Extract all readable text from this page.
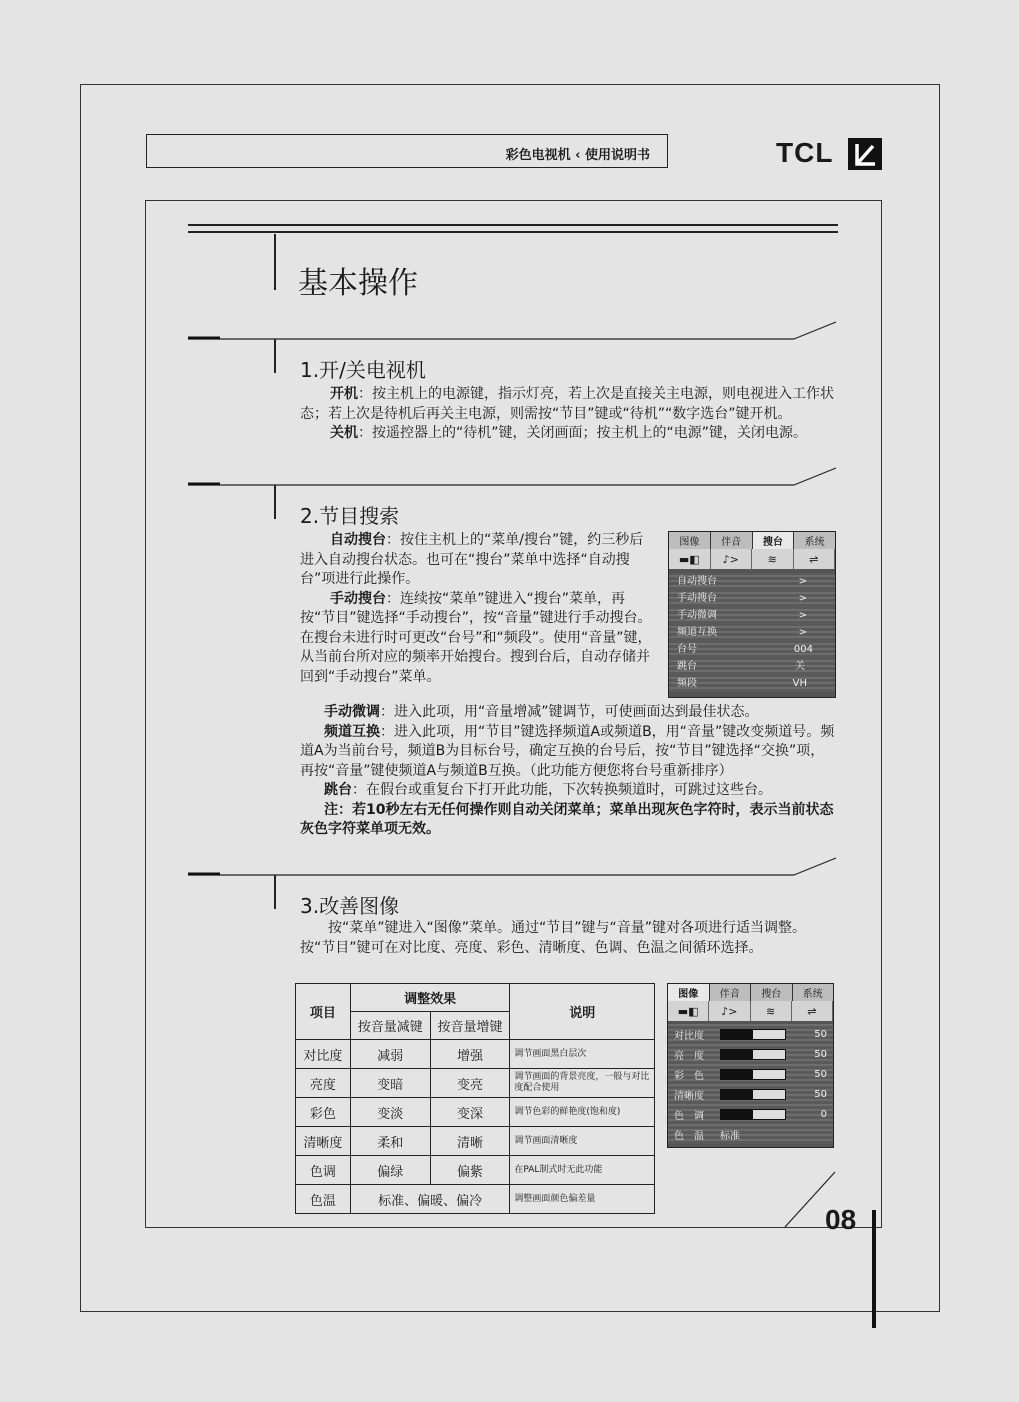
彩色电视机 ‹ 使用说明书	TCL
基本操作
1.开/关电视机
开机：按主机上的电源键，指示灯亮，若上次是直接关主电源，则电视进入工作状态；若上次是待机后再关主电源，则需按“节目”键或“待机”“数字选台”键开机。
关机：按遥控器上的“待机”键，关闭画面；按主机上的“电源”键，关闭电源。
2.节目搜索
自动搜台：按住主机上的“菜单/搜台”键，约三秒后进入自动搜台状态。也可在“搜台”菜单中选择“自动搜台”项进行此操作。
手动搜台：连续按“菜单”键进入“搜台”菜单，再按“节目”键选择“手动搜台”，按“音量”键进行手动搜台。在搜台未进行时可更改“台号”和“频段”。使用“音量”键，从当前台所对应的频率开始搜台。搜到台后，自动存储并回到“手动搜台”菜单。
手动微调：进入此项，用“音量增减”键调节，可使画面达到最佳状态。
频道互换：进入此项，用“节目”键选择频道A或频道B，用“音量”键改变频道号。频道A为当前台号，频道B为目标台号，确定互换的台号后，按“节目”键选择“交换”项，再按“音量”键使频道A与频道B互换。（此功能方便您将台号重新排序）
跳台：在假台或重复台下打开此功能，下次转换频道时，可跳过这些台。
注：若10秒左右无任何操作则自动关闭菜单；菜单出现灰色字符时，表示当前状态灰色字符菜单项无效。
图像	伴音	搜台	系统
▬◧	♪>	≋	⇌
自动搜台	>
手动搜台	>
手动微调	>
频道互换	>
台号	004
跳台	关
频段	VH
3.改善图像
按“菜单”键进入“图像”菜单。通过“节目”键与“音量”键对各项进行适当调整。按“节目”键可在对比度、亮度、彩色、清晰度、色调、色温之间循环选择。
项目	调整效果		说明
	按音量减键	按音量增键	
对比度	减弱	增强	调节画面黑白层次
亮度	变暗	变亮	调节画面的背景亮度，一般与对比度配合使用
彩色	变淡	变深	调节色彩的鲜艳度(饱和度)
清晰度	柔和	清晰	调节画面清晰度
色调	偏绿	偏紫	在PAL制式时无此功能
色温	标准、偏暖、偏冷		调整画面颜色偏差量
图像	伴音	搜台	系统
▬◧	♪>	≋	⇌
对比度	50
亮　度	50
彩　色	50
清晰度	50
色　调	0
色　温	标准
08
